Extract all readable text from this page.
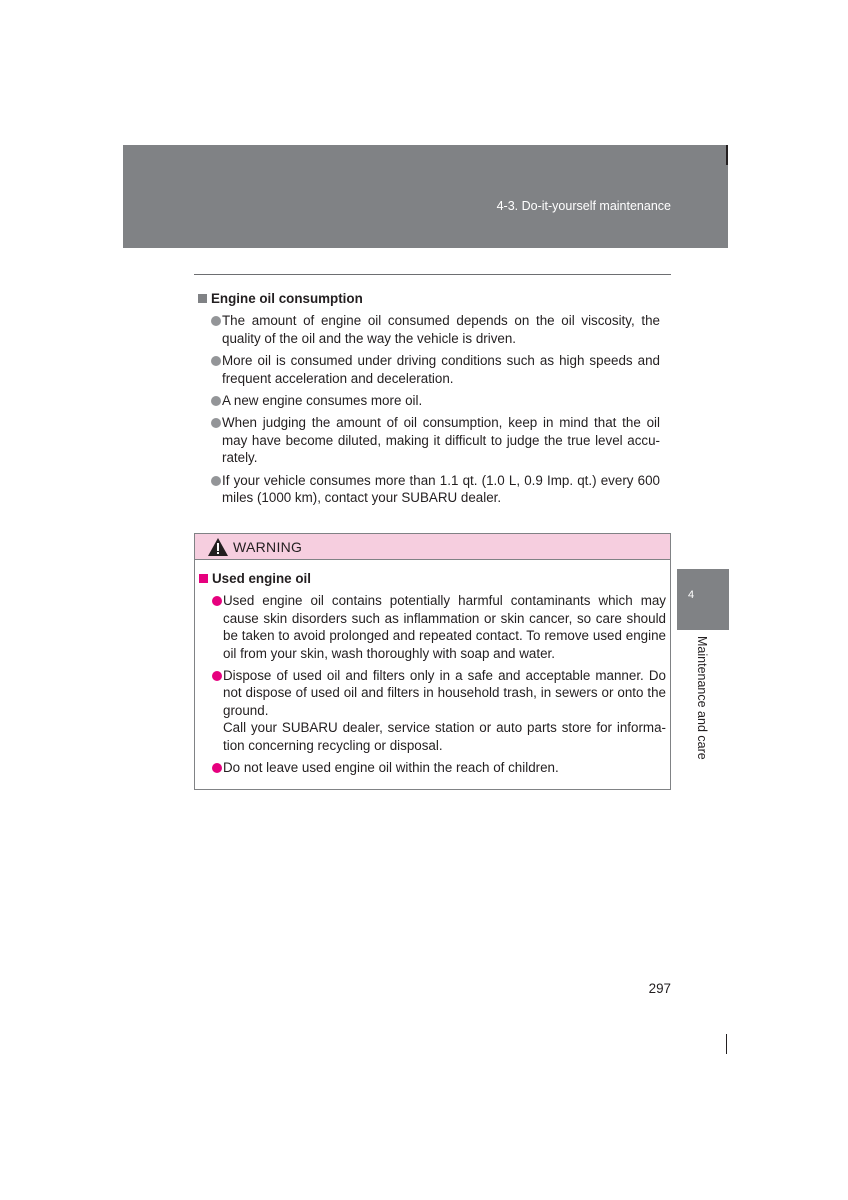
4-3. Do-it-yourself maintenance
Engine oil consumption
The amount of engine oil consumed depends on the oil viscosity, the quality of the oil and the way the vehicle is driven.
More oil is consumed under driving conditions such as high speeds and frequent acceleration and deceleration.
A new engine consumes more oil.
When judging the amount of oil consumption, keep in mind that the oil may have become diluted, making it difficult to judge the true level accu-rately.
If your vehicle consumes more than 1.1 qt. (1.0 L, 0.9 Imp. qt.) every 600 miles (1000 km), contact your SUBARU dealer.
WARNING
Used engine oil
Used engine oil contains potentially harmful contaminants which may cause skin disorders such as inflammation or skin cancer, so care should be taken to avoid prolonged and repeated contact. To remove used engine oil from your skin, wash thoroughly with soap and water.
Dispose of used oil and filters only in a safe and acceptable manner. Do not dispose of used oil and filters in household trash, in sewers or onto the ground.
Call your SUBARU dealer, service station or auto parts store for informa-tion concerning recycling or disposal.
Do not leave used engine oil within the reach of children.
4
Maintenance and care
297
